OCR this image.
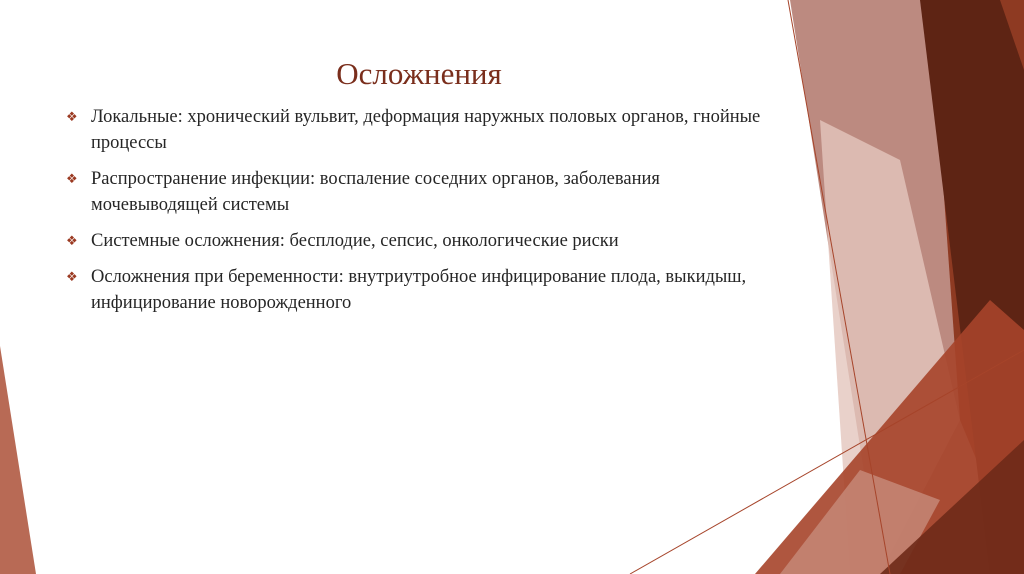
Осложнения
❖ Локальные: хронический вульвит, деформация наружных половых органов, гнойные процессы
❖ Распространение инфекции: воспаление соседних органов, заболевания мочевыводящей системы
❖ Системные осложнения: бесплодие, сепсис, онкологические риски
❖ Осложнения при беременности: внутриутробное инфицирование плода, выкидыш, инфицирование новорожденного
